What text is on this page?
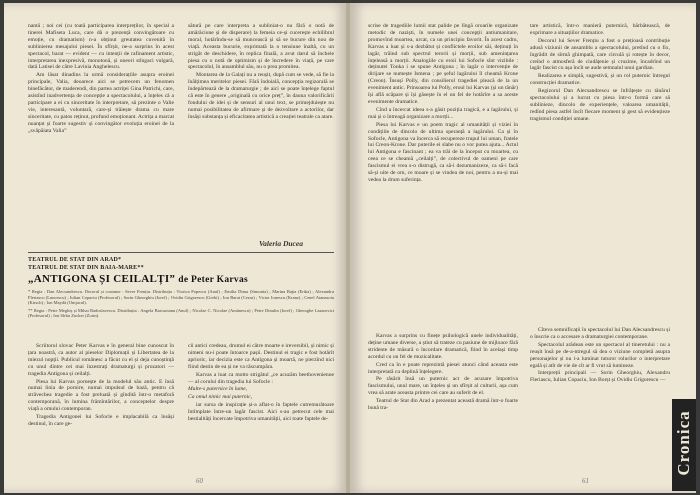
nantă ; noi cei (cu toată participarea interpreților, în special a tinerei Mafiseta Luca, care dă o prezență convingătoare cu emoție, cu dramatism) n-a obținut greutatea cuvenită în sublinierea mesajului piesei. În sfîrșit, ne-a surprins în acest spectacol, barat — evident — cu intenții de rafinament artistic, interpretarea inexpresivă, monotonă, și uneori stîngaci vulgară, dată Latisei de către Lavinia Anghelescu.

Am lăsat dinadins la urmă considerațiile asupra eroinei principale, Valia, deoarece aici se petrecem un fenomen binefăcător, de maderendi, din partea actriței Gina Patrichi, care, asistînd inadvertența de concepție a spectacolului, a înțeles că a participare a ei cu sinceritate în interpretare, să prezinte o Valie vie, interesantă, voluntară, care-și trăiește drama cu mare sinceritate, cu patos reținut, profund emoționant. Actrița a marcat nuanțat și foarte sugestiv și convingător evoluția eroinei de la „svăpăiata Valia”

sătură pe care interpreta a subliniat-o nu fără o notă de amărăciune și de disperare) la femeia ce-și cucerește echilibrul moral, hotărîndu-se să muncească și să se bucure din nou de viață. Aceasta bucurie, exprimată la o tensiune înaltă, cu un strigăt de deschidere, în replica finală, a avut darul să încheie piesa cu o notă de optimism și de încredere în viață, pe care spectacolul, în ansamblul său, nu o prea promitea.

Montarea de la Galați nu a reușit, după cum se vede, să fie la înălțimea meritelor piesei. Fără îndoială, concepția regizorală se îndepărtează de la dramaturgie ; de aici se poate înțelege faptul că este în genere „originală cu orice preț”, în dauna valorificării fondului de idei și de sensuri al unui text, se primejduiește nu numai posibilitatea de afirmare și de dezvoltare a actorilor, dar însăși substanța și eficacitatea artistică a creației teatrale ca atare.

Valeria Ducea
TEATRUL DE STAT DIN ARAD*
TEATRUL DE STAT DIN BAIA-MARE**
„ANTIGONA ȘI CEILALȚI” de Peter Karvas

* Regia : Dan Alecsandrescu. Decorul și costume : Sever Frențiu. Distribuția : Viorica Popescu (Anul) ; Emilia Dima (Simonia) ; Marina Bajta (Erika) ; Alexandru Fleriascu (Luncescu) ; Iulian Copaciu (Profesorul) ; Sorin Gheorghiu (Ioref) ; Ovidiu Grigorescu (Grebi) ; Ion Barat (Cezar) ; Victor Ionescu (Kranz) ; Cenel Atanasoiu (Kirsch) ; Ion Maydă (Omjacul).

** Regia : Petre Meghiș și Mihai Radoslavescu. Distribuția : Angela Barcaoianu (Anul) ; Nicolae C. Nicolae (Amănescu) ; Petre Dinulin (Ioref) ; Gheorghe Lazarovici (Profesorul) ; Ion Sîrbu Zucker (Zorin).

Scriitorul slovac Peter Karvas e în general bine cunoscut în țara noastră, ca autor al pieselor Diplomații și Libertatea de la miezul nopții. Publicul românesc a făcut cu el și deja cunoștință cu unul dintre cei mai înzestrați dramaturgi și prozatori — tragedia Antigona și ceilalți.

Piesa lui Karvas pornește de la modelul său antic. E însă numai linia de pornire, numai impulsul de bază, pentru că străvechea tragedie a fost preluată și gîndită într-o metaforă contemporană, în lumina frămîntărilor, a conceptelor despre viață a omului contemporan.

Tragedia Antigonei lui Sofocle e implacabilă ca însăși destinul, în care ge-

cii antici credeau, drumul ei către moarte e ireversibil, și nimic și nimeni nu-i poate întoarce pașii. Destinul ei tragic e fost hotărît aprioric, iar decizia este ca Antigona și moartă, ne pierzînd nici fiind destin de ea și ne va răscumpăra.

Karvas a luat ca motto strigătul „ce acuzăm beethovenienne — al corului din tragedia lui Sofocle :

Multe-s puternice în lume,

Ca omul nimic mai puternic,

iar sursa de inspirație și-a aflat-o în faptele cutremurătoare întîmplate între-un lagăr fascist. Aici s-au petrecut cele mai bestialități încercate împotriva umanității, aici toate faptele de-

60

scrise de tragediile lumii stat palide pe lîngă oroarile organizate metodic de naziști, în numele unei concepții antiumanitare, promovînd moartea, urcat, ca un principiu favorit. În acest cadru, Karvas a luat și s-a dezbătut și conflictele eroilor săi, deținuți în lagăr, trăind sub spectrul terorii și morții, sub amenințarea înțeleasă a morții. Analogiile cu eroii lui Sofocle sînt vizibile : deținutei Tonka i se spune Antigona ; în lagăr o intervenție de dirijare se numește Ismena ; pe șeful lagărului îl cheamă Krone (Creon). Însuși Polly, din consilierul tragediei pleacă de la un eveniment antic. Prinsoarea lui Polly, eroul lui Karvas (și un tânăr) își află scăpare și își găsește în el un fel de hotărîre a sa aceste evenimente dramatice.

Cînd a încercat ideea s-a găsit poziția tragică, e a lagărului, și mai și o întreagă organizare a morții...

Piesa lui Karvas e un poem tragic al umanității și viziei în condițiile de dincolo de ultima speranță a lagărului. Ca și în Sofocle, Antigona va încerca să recupereze trupul lui uman, fratele lui Creon-Krone. Dar puterile ei slabe nu o vor putea ajuta... Actul lui Antigona e fascinant ; ea va trăi de la început cu moartea, cu ceea ce se cheamă „ceilalți”, de colectivul de oameni pe care fascismul ei vrea s-o distrugă, ca să-i dezumanizeze, ca să-i facă să-și uite de om, ce moare și se vindea de noi, pentru a nu-și mai vedea la drum suferința.

Karvas a surprins cu finețe psihologică unele individualități, deține umane diverse, a știut să trateze cu pasiune de mijloace fără stridente de măsură o încordare dramatică, fiind în același timp acordul cu un fel de muzicalitate.

Cred ca în e poate reprezintă piesei atunci când aceasta este interpretată cu deplină înțelegere.

Pe răsărit însă un puternic act de acuzare împotriva fascismului, unul mare, un înțeles și un sfîrșit al culturii, așa cum vrea să arate aceasta printre cei care au suferit de el.

Teatrul de Stat din Arad a prezentat această dramă într-o foarte bună tra-

tare artistică, într-o manieră puternică, bărbătească, de exprimare a situațiilor dramatice.

Decorul lui Sever Frențiu a fost o prețioasă contribuție adusă viziunii de ansamblu a spectacolului, pretînd cu o fix, îngrădit de sîrmă ghimpată, care circulă și rotește în decor, creînd o atmosferă de ciudățenie și cruzime, încadrînd un lagăr fascist cu așa încît se aude semnalul unui gardian.

Realizarea e simplă, sugestivă, și un rol puternic întregul construcției dramatice.

Regizorul Dan Alecsandrescu se înfrățește cu tânărul spectacolului și a lucrat cu piesa într-o formă care să sublinieze, dincolo de experiențele, valoarea umanității, redînd piesa astfel încît fiecare moment și gest să evidențieze tragismul condiției umane.

Cîteva semnificații în spectacolul lui Dan Alecsandrescu și o înscrie ca o accesare a dramaturgiei contemporane.

Spectacolul arădean este un spectacol al tineretului : nu a reușit însă pe de-a-ntregul să dea o viziune completă asupra personajelor și nu i-a luminat tuturor rolurilor o interpretare egală și atît de vie de cît ar fi vrut să lumineze.

Interpreții principali — Sorin Gheorghiu, Alexandru Fleriascu, Iulian Copaciu, Ion Borșt și Ovidiu Grigorescu —

61
Cronica
